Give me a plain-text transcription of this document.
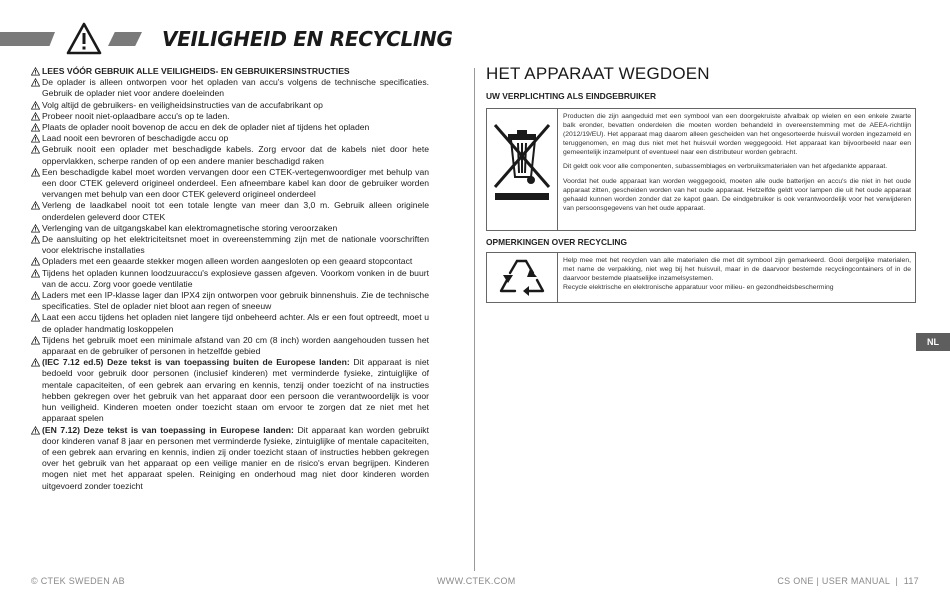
VEILIGHEID EN RECYCLING
LEES VÓÓR GEBRUIK ALLE VEILIGHEIDS- EN GEBRUIKERSINSTRUCTIES
De oplader is alleen ontworpen voor het opladen van accu's volgens de technische specificaties. Gebruik de oplader niet voor andere doeleinden
Volg altijd de gebruikers- en veiligheidsinstructies van de accufabrikant op
Probeer nooit niet-oplaadbare accu's op te laden.
Plaats de oplader nooit bovenop de accu en dek de oplader niet af tijdens het opladen
Laad nooit een bevroren of beschadigde accu op
Gebruik nooit een oplader met beschadigde kabels. Zorg ervoor dat de kabels niet door hete oppervlakken, scherpe randen of op een andere manier beschadigd raken
Een beschadigde kabel moet worden vervangen door een CTEK-vertegenwoordiger met behulp van een door CTEK geleverd origineel onderdeel. Een afneembare kabel kan door de gebruiker worden vervangen met behulp van een door CTEK geleverd origineel onderdeel
Verleng de laadkabel nooit tot een totale lengte van meer dan 3,0 m. Gebruik alleen originele onderdelen geleverd door CTEK
Verlenging van de uitgangskabel kan elektromagnetische storing veroorzaken
De aansluiting op het elektriciteitsnet moet in overeenstemming zijn met de nationale voorschriften voor elektrische installaties
Opladers met een geaarde stekker mogen alleen worden aangesloten op een geaard stopcontact
Tijdens het opladen kunnen loodzuuraccu's explosieve gassen afgeven. Voorkom vonken in de buurt van de accu. Zorg voor goede ventilatie
Laders met een IP-klasse lager dan IPX4 zijn ontworpen voor gebruik binnenshuis. Zie de technische specificaties. Stel de oplader niet bloot aan regen of sneeuw
Laat een accu tijdens het opladen niet langere tijd onbeheerd achter. Als er een fout optreedt, moet u de oplader handmatig loskoppelen
Tijdens het gebruik moet een minimale afstand van 20 cm (8 inch) worden aangehouden tussen het apparaat en de gebruiker of personen in hetzelfde gebied
(IEC 7.12 ed.5) Deze tekst is van toepassing buiten de Europese landen: Dit apparaat is niet bedoeld voor gebruik door personen (inclusief kinderen) met verminderde fysieke, zintuiglijke of mentale capaciteiten, of een gebrek aan ervaring en kennis, tenzij onder toezicht of na instructies hebben gekregen over het gebruik van het apparaat door een persoon die verantwoordelijk is voor hun veiligheid. Kinderen moeten onder toezicht staan om ervoor te zorgen dat ze niet met het apparaat spelen
(EN 7.12) Deze tekst is van toepassing in Europese landen: Dit apparaat kan worden gebruikt door kinderen vanaf 8 jaar en personen met verminderde fysieke, zintuiglijke of mentale capaciteiten, of een gebrek aan ervaring en kennis, indien zij onder toezicht staan of instructies hebben gekregen over het gebruik van het apparaat op een veilige manier en de risico's ervan begrijpen. Kinderen mogen niet met het apparaat spelen. Reiniging en onderhoud mag niet door kinderen worden uitgevoerd zonder toezicht
HET APPARAAT WEGDOEN
UW VERPLICHTING ALS EINDGEBRUIKER

Producten die zijn aangeduid met een symbool van een doorgekruiste afvalbak op wielen en een enkele zwarte balk eronder, bevatten onderdelen die moeten worden behandeld in overeenstemming met de AEEA-richtlijn (2012/19/EU). Het apparaat mag daarom alleen gescheiden van het ongesorteerde huisvuil worden ingezameld en teruggenomen, en mag dus niet met het huisvuil worden weggegooid. Het apparaat kan bijvoorbeeld naar een gemeentelijk inzamelpunt of eventueel naar een distributeur worden gebracht.

Dit geldt ook voor alle componenten, subassemblages en verbruiksmaterialen van het afgedankte apparaat.

Voordat het oude apparaat kan worden weggegooid, moeten alle oude batterijen en accu's die niet in het oude apparaat zitten, gescheiden worden van het oude apparaat. Hetzelfde geldt voor lampen die uit het oude apparaat gehaald kunnen worden zonder dat ze kapot gaan. De eindgebruiker is ook verantwoordelijk voor het verwijderen van persoonsgegevens van het oude apparaat.

OPMERKINGEN OVER RECYCLING

Help mee met het recyclen van alle materialen die met dit symbool zijn gemarkeerd. Gooi dergelijke materialen, met name de verpakking, niet weg bij het huisvuil, maar in de daarvoor bestemde recyclingcontainers of in de daarvoor bestemde plaatselijke inzamelsystemen.

Recycle elektrische en elektronische apparatuur voor milieu- en gezondheidsbescherming

NL
© CTEK SWEDEN AB	WWW.CTEK.COM	CS ONE | USER MANUAL  |  117
